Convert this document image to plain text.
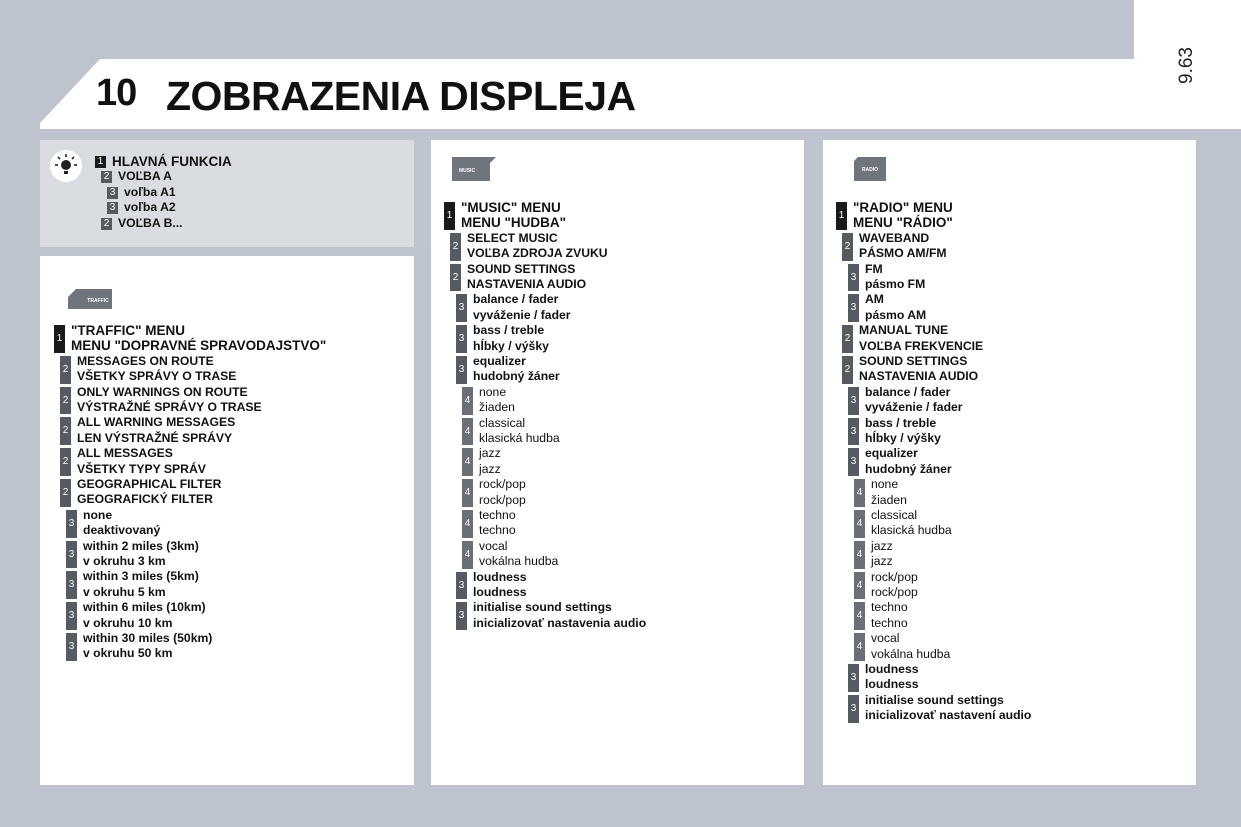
10 ZOBRAZENIA DISPLEJA
9.63
1 HLAVNÁ FUNKCIA
2 VOĽBA A
3 voľba A1
3 voľba A2
2 VOĽBA B...
TRAFFIC
1
"TRAFFIC" MENU
MENU "DOPRAVNÉ SPRAVODAJSTVO"
2
MESSAGES ON ROUTE
VŠETKY SPRÁVY O TRASE
2
ONLY WARNINGS ON ROUTE
VÝSTRAŽNÉ SPRÁVY O TRASE
2
ALL WARNING MESSAGES
LEN VÝSTRAŽNÉ SPRÁVY
2
ALL MESSAGES
VŠETKY TYPY SPRÁV
2
GEOGRAPHICAL FILTER
GEOGRAFICKÝ FILTER
3
none
deaktivovaný
3
within 2 miles (3km)
v okruhu 3 km
3
within 3 miles (5km)
v okruhu 5 km
3
within 6 miles (10km)
v okruhu 10 km
3
within 30 miles (50km)
v okruhu 50 km
MUSIC
1
"MUSIC" MENU
MENU "HUDBA"
2
SELECT MUSIC
VOĽBA ZDROJA ZVUKU
2
SOUND SETTINGS
NASTAVENIA AUDIO
3
balance / fader
vyváženie / fader
3
bass / treble
hĺbky / výšky
3
equalizer
hudobný žáner
4
none
žiaden
4
classical
klasická hudba
4
jazz
jazz
4
rock/pop
rock/pop
4
techno
techno
4
vocal
vokálna hudba
3
loudness
loudness
3
initialise sound settings
inicializovať nastavenia audio
RADIO
1
"RADIO" MENU
MENU "RÁDIO"
2
WAVEBAND
PÁSMO AM/FM
3
FM
pásmo FM
3
AM
pásmo AM
2
MANUAL TUNE
VOĽBA FREKVENCIE
2
SOUND SETTINGS
NASTAVENIA AUDIO
3
balance / fader
vyváženie / fader
3
bass / treble
hĺbky / výšky
3
equalizer
hudobný žáner
4
none
žiaden
4
classical
klasická hudba
4
jazz
jazz
4
rock/pop
rock/pop
4
techno
techno
4
vocal
vokálna hudba
3
loudness
loudness
3
initialise sound settings
inicializovať nastavení audio
